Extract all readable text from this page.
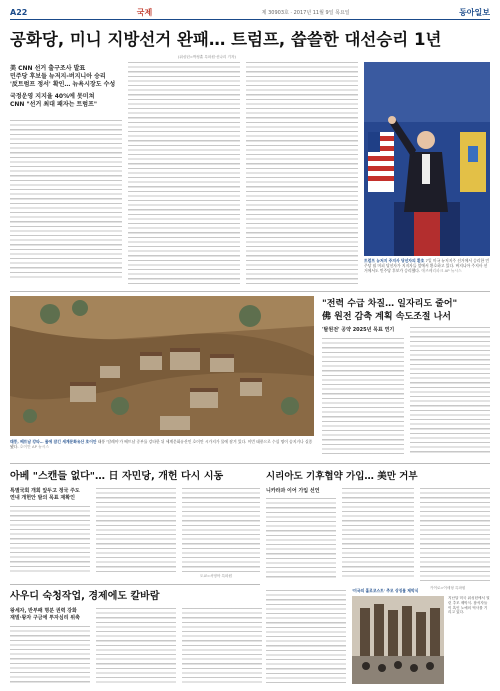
A22	국제	제 30903호 · 2017년 11월 9일 목요일	동아일보
공화당, 미니 지방선거 완패… 트럼프, 씁쓸한 대선승리 1년
(워싱턴=박정훈 특파원·신나리 기자)
美 CNN 선거 출구조사 발표
민주당 후보들 뉴저지-버지니아 승리
'反트럼프 정서' 확인… 뉴욕시장도 수성
국정운영 지지율 40%에 못미쳐
CNN "선거 최대 패자는 트럼프"
트럼프 뉴저지 주지사 당선자의 환호 7일 미국 뉴저지주 선거에서 승리한 민주당 필 머피 당선자가 지지자들 앞에서 환호하고 있다. 버지니아 주지사 선거에서도 민주당 후보가 승리했다. 애즈베리파크 AP 뉴시스
태풍, 베트남 강타… 물에 잠긴 세계문화유산 호이안 태풍 '담레이'가 베트남 중부를 강타한 뒤 세계문화유산인 호이안 시가지가 물에 잠겨 있다. 이번 태풍으로 수십 명이 숨지거나 실종됐다. 호이안 AP 뉴시스
"전력 수급 차질… 일자리도 줄어"
佛 원전 감축 계획 속도조절 나서
'탈원전' 공약 2025년 목표 연기
아베 "스캔들 없다"… 日 자민당, 개헌 다시 시동
특별국회 개회 앞두고 정국 주도
연내 개헌안 발의 목표 재확인
도쿄=서영아 특파원
시리아도 기후협약 가입… 美만 거부
니카라과 이어 가입 선언
카이로=이세형 특파원
사우디 숙청작업, 경제에도 칼바람
왕세자, 반부패 명분 권력 강화
재벌·왕자 구금에 투자심리 위축
'미국의 홀로코스트' 추모 상징물 제막식
지난달 미국 워싱턴에서 열린 추모 제막식. 참석자들이 흑인 노예의 역사를 기리고 있다.
